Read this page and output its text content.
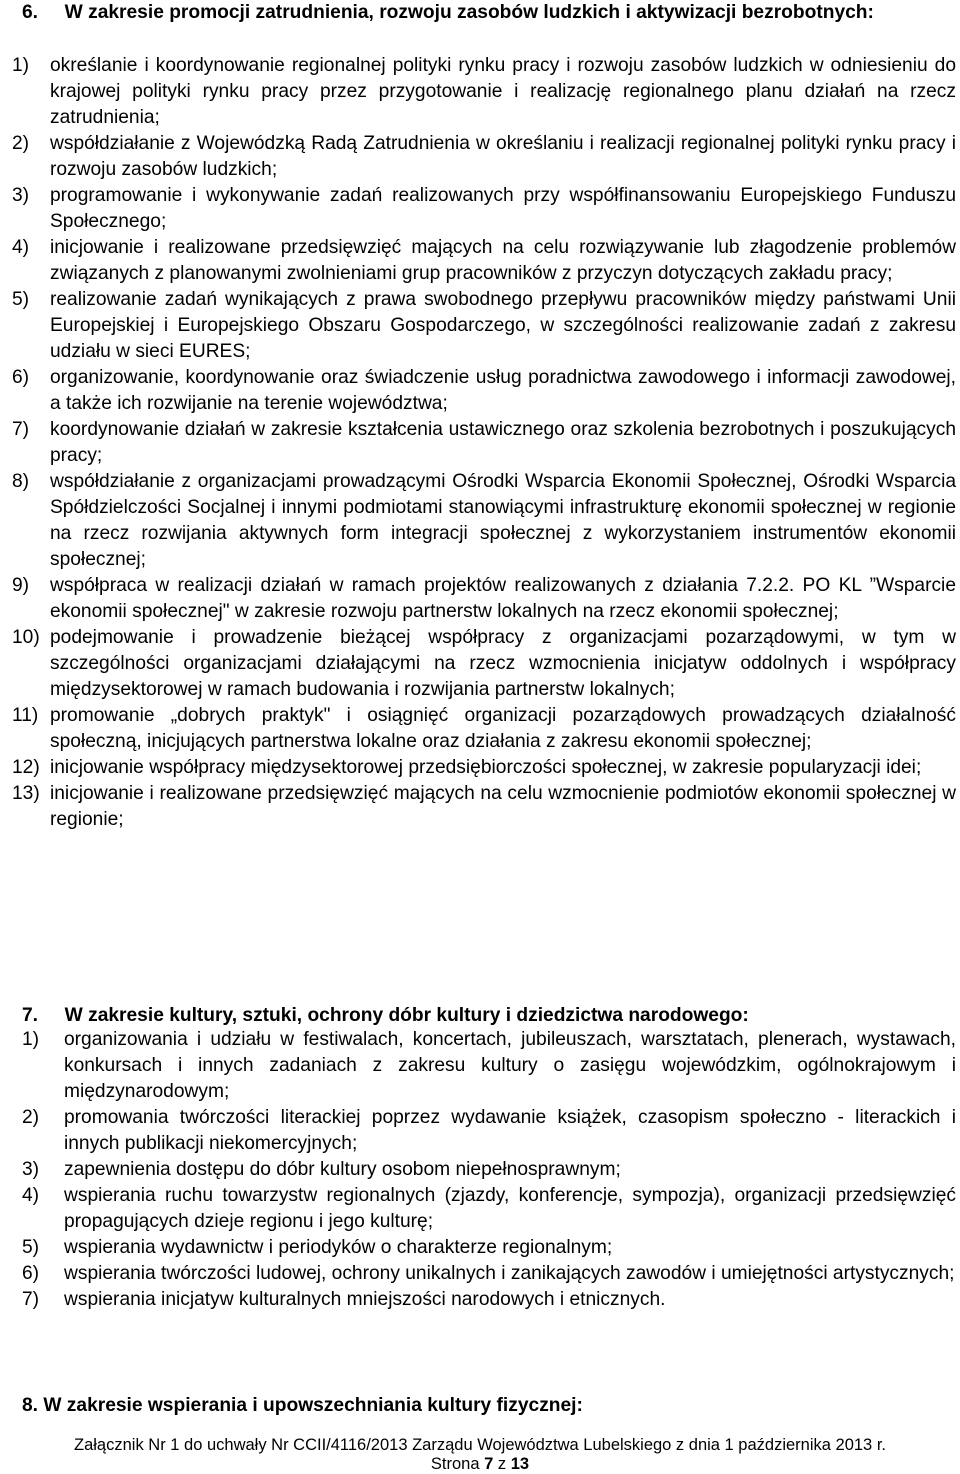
6. W zakresie promocji zatrudnienia, rozwoju zasobów ludzkich i aktywizacji bezrobotnych:
1)	określanie i koordynowanie regionalnej polityki rynku pracy i rozwoju zasobów ludzkich w odniesieniu do krajowej polityki rynku pracy przez przygotowanie i realizację regionalnego planu działań na rzecz zatrudnienia;
2)	współdziałanie z Wojewódzką Radą Zatrudnienia w określaniu i realizacji regionalnej polityki rynku pracy i rozwoju zasobów ludzkich;
3)	programowanie i wykonywanie zadań realizowanych przy współfinansowaniu Europejskiego Funduszu Społecznego;
4)	inicjowanie i realizowane przedsięwzięć mających na celu rozwiązywanie lub złagodzenie problemów związanych z planowanymi zwolnieniami grup pracowników z przyczyn dotyczących zakładu pracy;
5)	realizowanie zadań wynikających z prawa swobodnego przepływu pracowników między państwami Unii Europejskiej i Europejskiego Obszaru Gospodarczego, w szczególności realizowanie zadań z zakresu udziału w sieci EURES;
6)	organizowanie, koordynowanie oraz świadczenie usług poradnictwa zawodowego i informacji zawodowej, a także ich rozwijanie na terenie województwa;
7)	koordynowanie działań w zakresie kształcenia ustawicznego oraz szkolenia bezrobotnych i poszukujących pracy;
8)	współdziałanie z organizacjami prowadzącymi Ośrodki Wsparcia Ekonomii Społecznej, Ośrodki Wsparcia Spółdzielczości Socjalnej i innymi podmiotami stanowiącymi infrastrukturę ekonomii społecznej w regionie na rzecz rozwijania aktywnych form integracji społecznej z wykorzystaniem instrumentów ekonomii społecznej;
9)	współpraca w realizacji działań w ramach projektów realizowanych z działania 7.2.2. PO KL ”Wsparcie ekonomii społecznej" w zakresie rozwoju partnerstw lokalnych na rzecz ekonomii społecznej;
10) podejmowanie i prowadzenie bieżącej współpracy z organizacjami pozarządowymi, w tym w szczególności organizacjami działającymi na rzecz wzmocnienia inicjatyw oddolnych i współpracy międzysektorowej w ramach budowania i rozwijania partnerstw lokalnych;
11) promowanie „dobrych praktyk" i osiągnięć organizacji pozarządowych prowadzących działalność społeczną, inicjujących partnerstwa lokalne oraz działania z zakresu ekonomii społecznej;
12) inicjowanie współpracy międzysektorowej przedsiębiorczości społecznej, w zakresie popularyzacji idei;
13) inicjowanie i realizowane przedsięwzięć mających na celu wzmocnienie podmiotów ekonomii społecznej w regionie;
7. W zakresie kultury, sztuki, ochrony dóbr kultury i dziedzictwa narodowego:
1) organizowania i udziału w festiwalach, koncertach, jubileuszach, warsztatach, plenerach, wystawach, konkursach i innych zadaniach z zakresu kultury o zasięgu wojewódzkim, ogólnokrajowym i międzynarodowym;
2) promowania twórczości literackiej poprzez wydawanie książek, czasopism społeczno - literackich i innych publikacji niekomercyjnych;
3) zapewnienia dostępu do dóbr kultury osobom niepełnosprawnym;
4) wspierania ruchu towarzystw regionalnych (zjazdy, konferencje, sympozja), organizacji przedsięwzięć propagujących dzieje regionu i jego kulturę;
5) wspierania wydawnictw i periodyków o charakterze regionalnym;
6) wspierania twórczości ludowej, ochrony unikalnych i zanikających zawodów i umiejętności artystycznych;
7) wspierania inicjatyw kulturalnych mniejszości narodowych i etnicznych.
8. W zakresie wspierania i upowszechniania kultury fizycznej:
Załącznik Nr 1 do uchwały Nr CCII/4116/2013 Zarządu Województwa Lubelskiego z dnia 1 października 2013 r.
Strona 7 z 13
